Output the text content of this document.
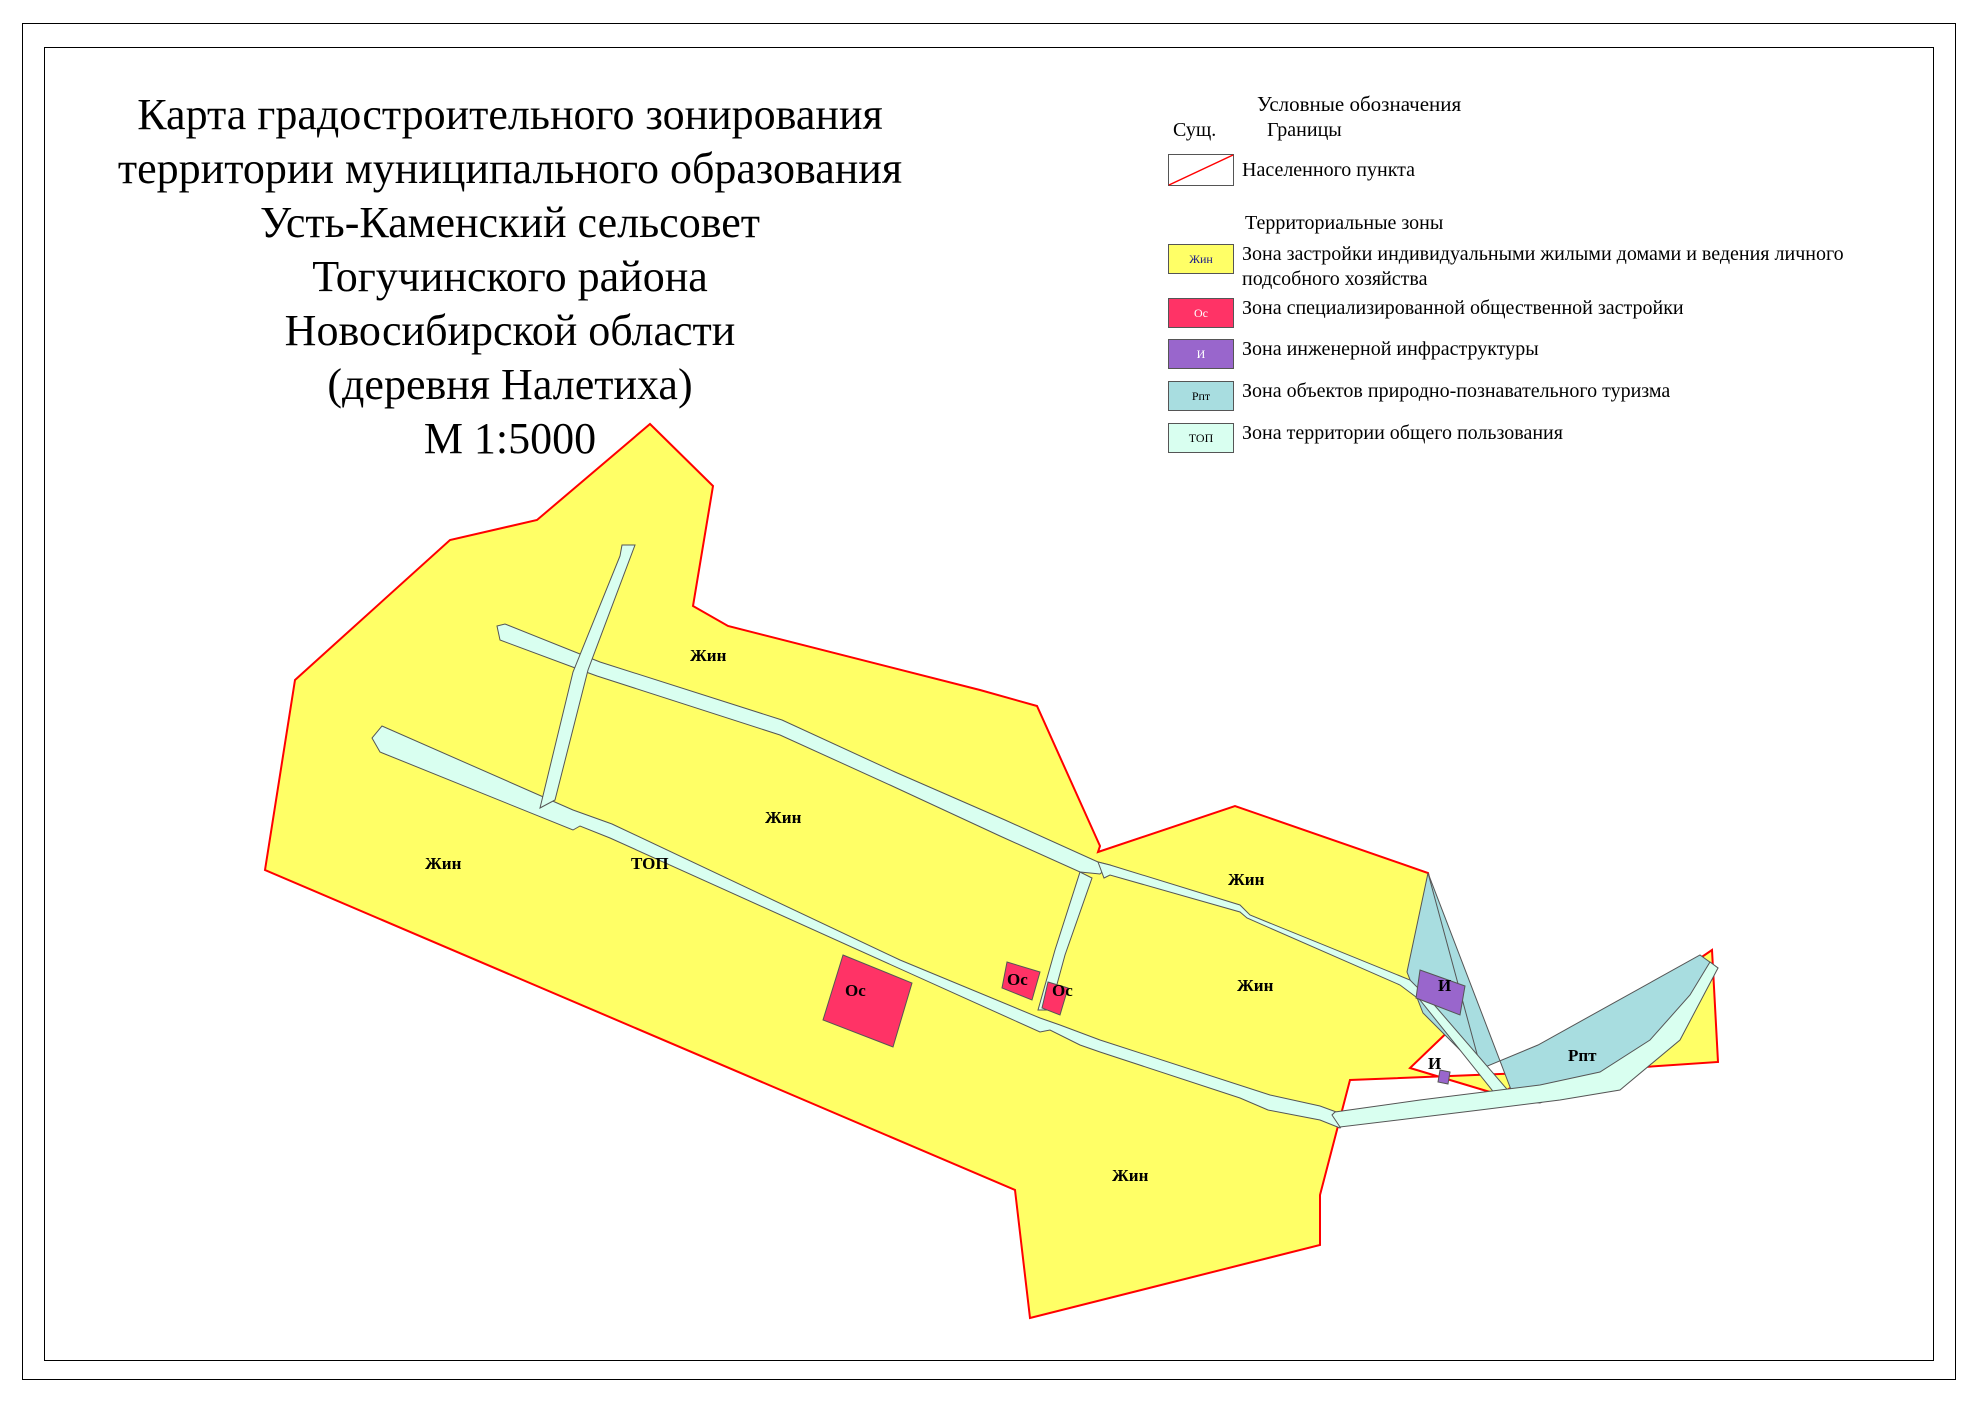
Жин
Жин
Жин
Жин
Жин
Жин
ТОП
Ос
Ос
Ос	И
И	Рпт
Карта градостроительного зонирования
территории муниципального образования
Усть-Каменский сельсовет
Тогучинского района
Новосибирской области
(деревня Налетиха)
М 1:5000
Условные обозначения
Сущ.	Границы
Населенного пункта
Территориальные зоны
Жин	Зона застройки индивидуальными жилыми домами и ведения личного подсобного хозяйства
Ос	Зона специализированной общественной застройки
И	Зона инженерной инфраструктуры
Рпт	Зона объектов природно-познавательного туризма
ТОП	Зона территории общего пользования
